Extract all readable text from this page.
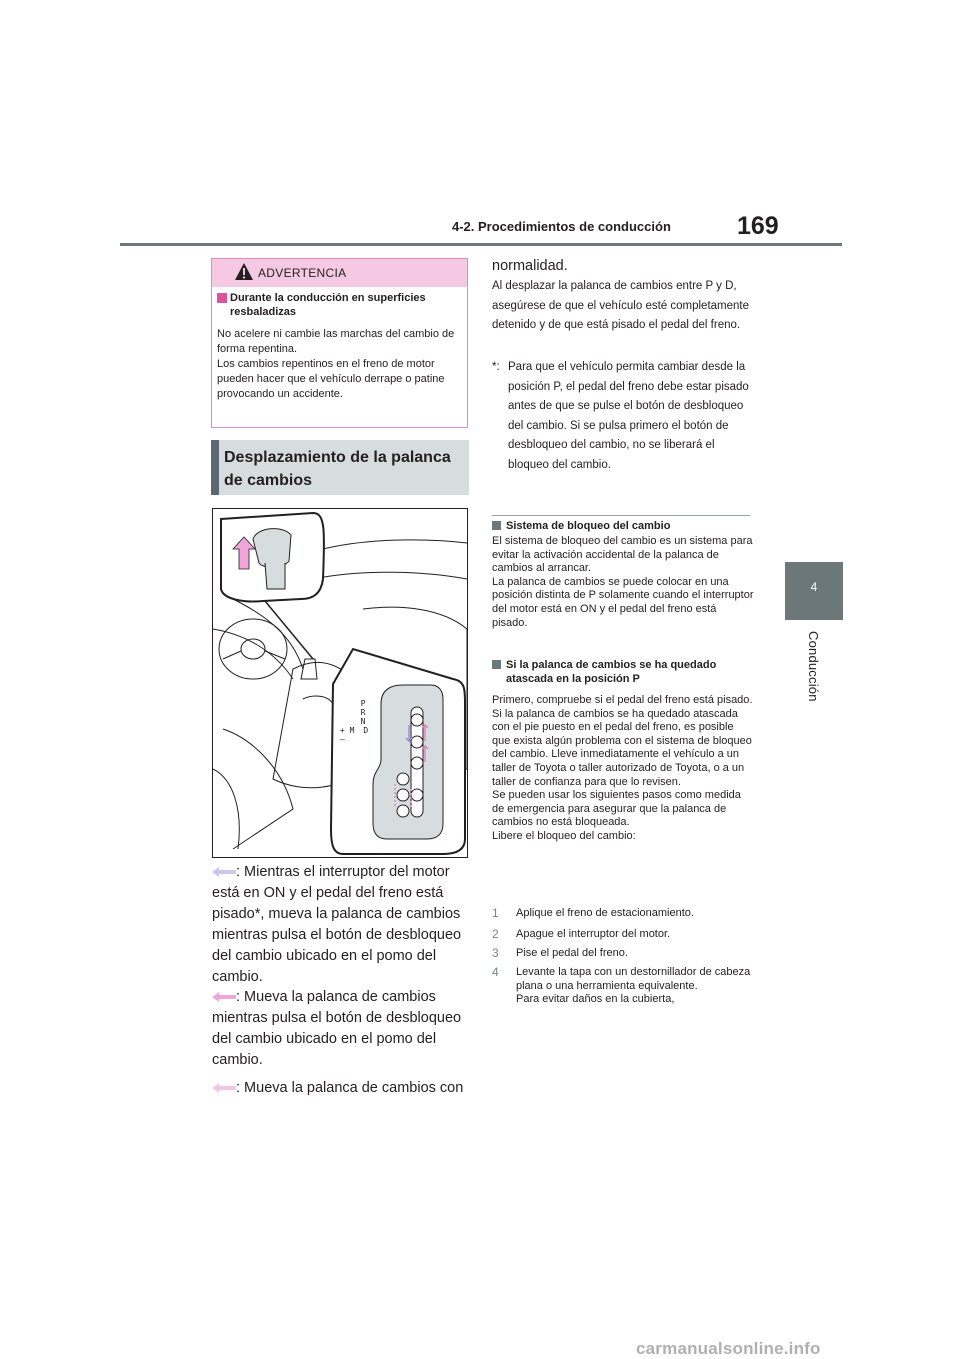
4-2. Procedimientos de conducción	169
4
Conducción
ADVERTENCIA
Durante la conducción en superficies resbaladizas
No acelere ni cambie las marchas del cambio de forma repentina.
Los cambios repentinos en el freno de motor pueden hacer que el vehículo derrape o patine provocando un accidente.
Desplazamiento de la palanca de cambios
P
R
N
+ M D
–
: Mientras el interruptor del motor está en ON y el pedal del freno está pisado*, mueva la palanca de cambios mientras pulsa el botón de desbloqueo del cambio ubicado en el pomo del cambio.
: Mueva la palanca de cambios mientras pulsa el botón de desbloqueo del cambio ubicado en el pomo del cambio.
: Mueva la palanca de cambios con
normalidad.
Al desplazar la palanca de cambios entre P y D, asegúrese de que el vehículo esté completamente detenido y de que está pisado el pedal del freno.
*: Para que el vehículo permita cambiar desde la posición P, el pedal del freno debe estar pisado antes de que se pulse el botón de desbloqueo del cambio. Si se pulsa primero el botón de desbloqueo del cambio, no se liberará el bloqueo del cambio.
Sistema de bloqueo del cambio
El sistema de bloqueo del cambio es un sistema para evitar la activación accidental de la palanca de cambios al arrancar.
La palanca de cambios se puede colocar en una posición distinta de P solamente cuando el interruptor del motor está en ON y el pedal del freno está pisado.
Si la palanca de cambios se ha quedado atascada en la posición P
Primero, compruebe si el pedal del freno está pisado.
Si la palanca de cambios se ha quedado atascada con el pie puesto en el pedal del freno, es posible que exista algún problema con el sistema de bloqueo del cambio. Lleve inmediatamente el vehículo a un taller de Toyota o taller autorizado de Toyota, o a un taller de confianza para que lo revisen.
Se pueden usar los siguientes pasos como medida de emergencia para asegurar que la palanca de cambios no está bloqueada.
Libere el bloqueo del cambio:
1 Aplique el freno de estacionamiento.
2 Apague el interruptor del motor.
3 Pise el pedal del freno.
4 Levante la tapa con un destornillador de cabeza plana o una herramienta equivalente.
Para evitar daños en la cubierta,
carmanualsonline.info
